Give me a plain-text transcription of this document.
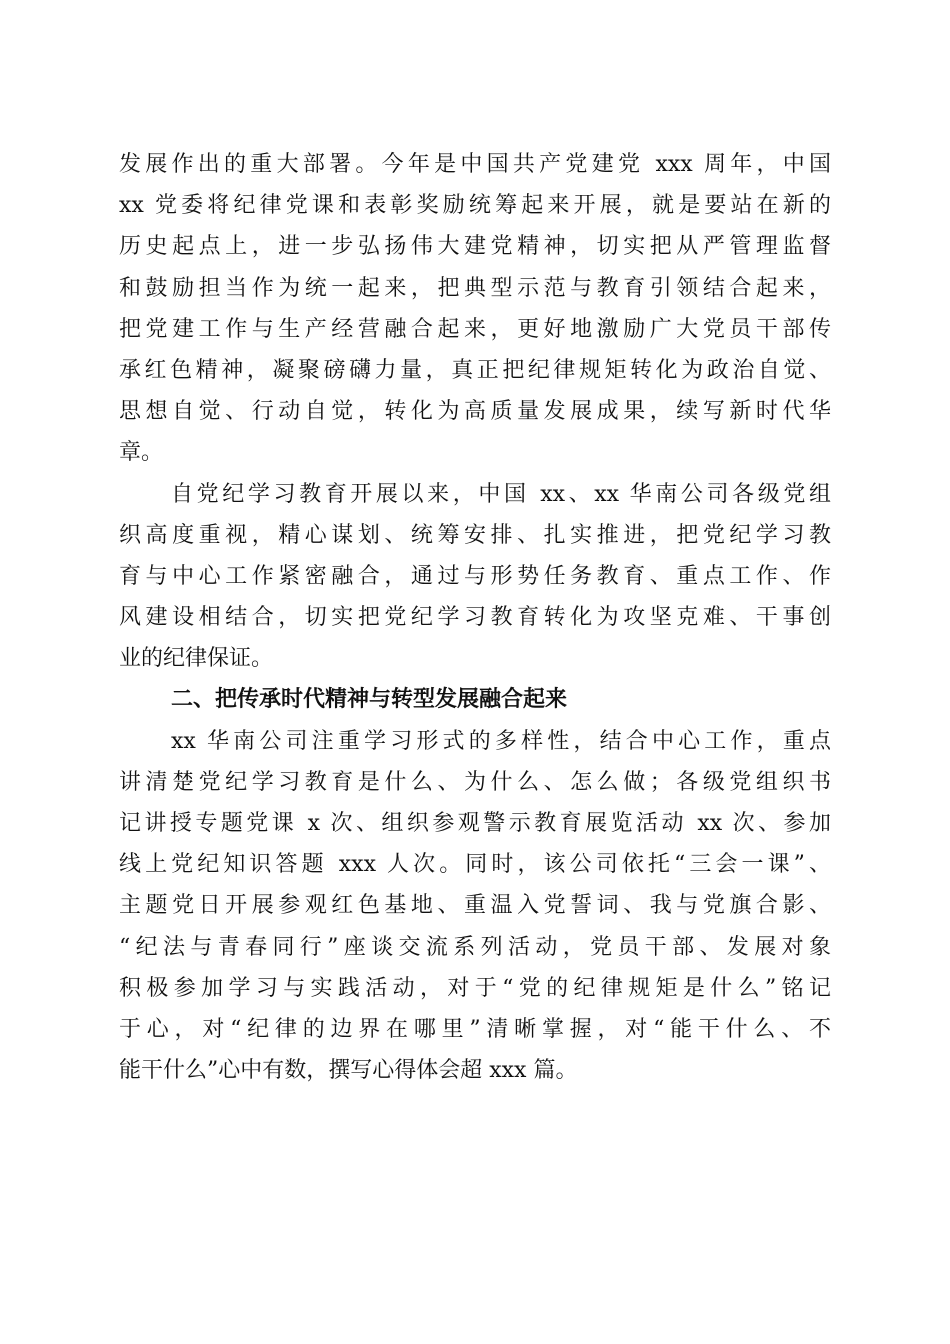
发展作出的重大部署。今年是中国共产党建党 xxx 周年，中国
xx 党委将纪律党课和表彰奖励统筹起来开展，就是要站在新的
历史起点上，进一步弘扬伟大建党精神，切实把从严管理监督
和鼓励担当作为统一起来，把典型示范与教育引领结合起来，
把党建工作与生产经营融合起来，更好地激励广大党员干部传
承红色精神，凝聚磅礴力量，真正把纪律规矩转化为政治自觉、
思想自觉、行动自觉，转化为高质量发展成果，续写新时代华
章。
自党纪学习教育开展以来，中国 xx、xx 华南公司各级党组
织高度重视，精心谋划、统筹安排、扎实推进，把党纪学习教
育与中心工作紧密融合，通过与形势任务教育、重点工作、作
风建设相结合，切实把党纪学习教育转化为攻坚克难、干事创
业的纪律保证。
二、把传承时代精神与转型发展融合起来
xx 华南公司注重学习形式的多样性，结合中心工作，重点
讲清楚党纪学习教育是什么、为什么、怎么做；各级党组织书
记讲授专题党课 x 次、组织参观警示教育展览活动 xx 次、参加
线上党纪知识答题 xxx 人次。同时，该公司依托“三会一课”、
主题党日开展参观红色基地、重温入党誓词、我与党旗合影、
“纪法与青春同行”座谈交流系列活动，党员干部、发展对象
积极参加学习与实践活动，对于“党的纪律规矩是什么”铭记
于心，对“纪律的边界在哪里”清晰掌握，对“能干什么、不
能干什么”心中有数，撰写心得体会超 xxx 篇。
